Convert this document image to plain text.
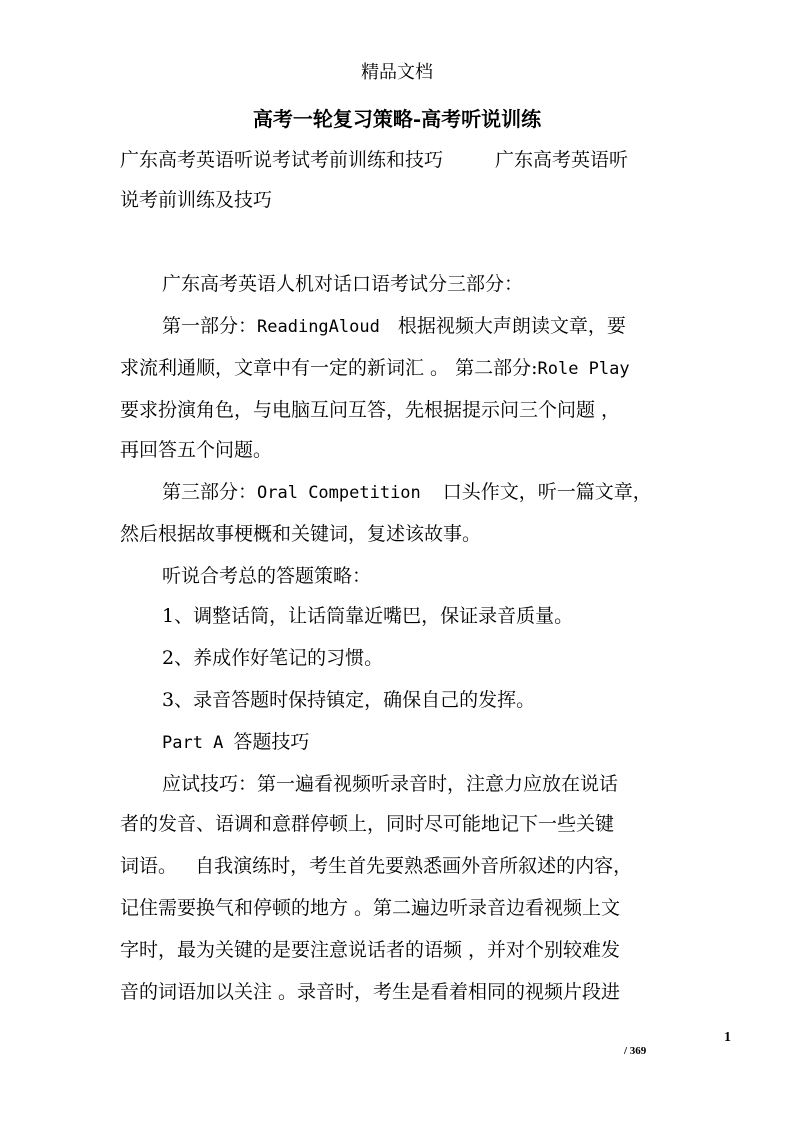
精品文档
高考一轮复习策略-高考听说训练
广东高考英语听说考试考前训练和技巧	广东高考英语听
说考前训练及技巧
广东高考英语人机对话口语考试分三部分：
第一部分：ReadingAloud 根据视频大声朗读文章，要
求流利通顺，文章中有一定的新词汇 。 第二部分:Role Play
要求扮演角色，与电脑互问互答，先根据提示问三个问题 ，
再回答五个问题。
第三部分：Oral Competition 口头作文，听一篇文章，
然后根据故事梗概和关键词，复述该故事。
听说合考总的答题策略：
1、调整话筒，让话筒靠近嘴巴，保证录音质量。
2、养成作好笔记的习惯。
3、录音答题时保持镇定，确保自己的发挥。
Part A 答题技巧
应试技巧：第一遍看视频听录音时，注意力应放在说话
者的发音、语调和意群停顿上，同时尽可能地记下一些关键
词语。   自我演练时，考生首先要熟悉画外音所叙述的内容，
记住需要换气和停顿的地方 。第二遍边听录音边看视频上文
字时，最为关键的是要注意说话者的语频 ，并对个别较难发
音的词语加以关注 。录音时，考生是看着相同的视频片段进
1
/ 369
